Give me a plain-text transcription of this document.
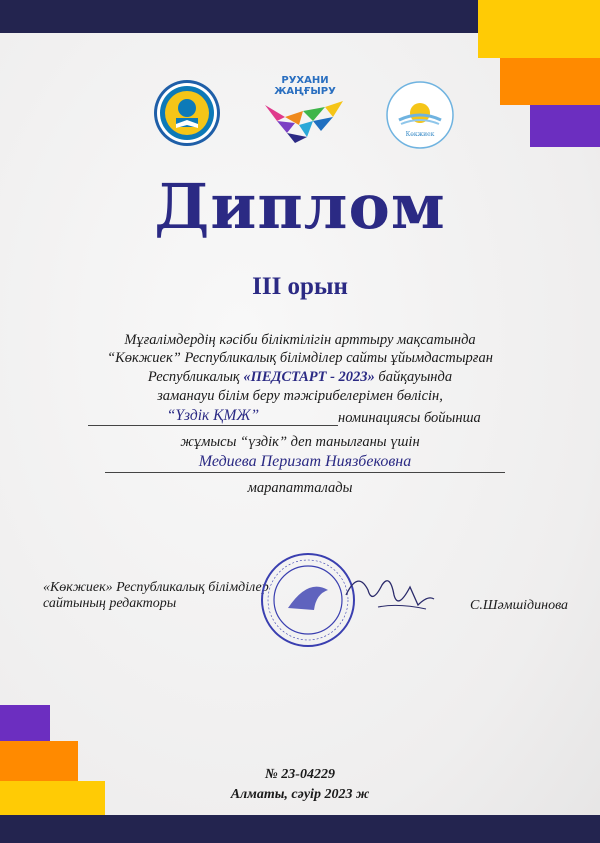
РУХАНИ
ЖАҢҒЫРУ
Көкжиек
Диплом
III орын
Мұғалімдердің кәсіби біліктілігін арттыру мақсатында
“Көкжиек” Республикалық білімділер сайты ұйымдастырған
Республикалық «ПЕДСТАРТ - 2023» байқауында
заманауи білім беру тәжірибелерімен бөлісін,
“Үздік ҚМЖ”	номинациясы бойынша
жұмысы “үздік” деп танылғаны үшін
Медиева Перизат Ниязбековна
марапатталады
«Көкжиек» Республикалық білімділер
сайтының редакторы	С.Шәмшідинова
№ 23-04229
Алматы, сәуір 2023 ж
